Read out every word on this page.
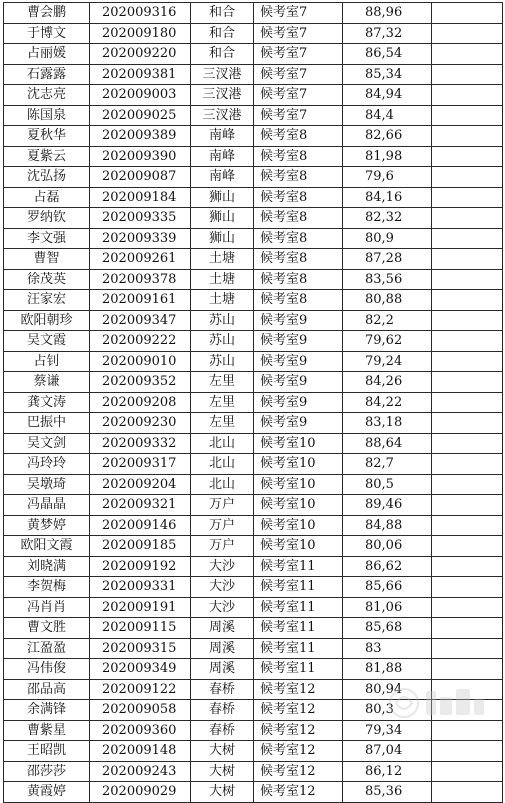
曹会鹏	202009316	和合	候考室7	88,96	
于博文	202009180	和合	候考室7	87,32	
占丽媛	202009220	和合	候考室7	86,54	
石露露	202009381	三汊港	候考室7	85,34	
沈志亮	202009003	三汊港	候考室7	84,94	
陈国泉	202009025	三汊港	候考室7	84,4	
夏秋华	202009389	南峰	候考室8	82,66	
夏紫云	202009390	南峰	候考室8	81,98	
沈弘扬	202009087	南峰	候考室8	79,6	
占磊	202009184	狮山	候考室8	84,16	
罗纳钦	202009335	狮山	候考室8	82,32	
李文强	202009339	狮山	候考室8	80,9	
曹智	202009261	土塘	候考室8	87,28	
徐茂英	202009378	土塘	候考室8	83,56	
汪家宏	202009161	土塘	候考室8	80,88	
欧阳朝珍	202009347	苏山	候考室9	82,2	
吴文霞	202009222	苏山	候考室9	79,62	
占钊	202009010	苏山	候考室9	79,24	
蔡谦	202009352	左里	候考室9	84,26	
龚文涛	202009208	左里	候考室9	84,22	
巴振中	202009230	左里	候考室9	83,18	
吴文剑	202009332	北山	候考室10	88,64	
冯玲玲	202009317	北山	候考室10	82,7	
吴墩琦	202009204	北山	候考室10	80,5	
冯晶晶	202009321	万户	候考室10	89,46	
黄梦婷	202009146	万户	候考室10	84,88	
欧阳文霞	202009185	万户	候考室10	80,06	
刘晓满	202009192	大沙	候考室11	86,62	
李贺梅	202009331	大沙	候考室11	85,66	
冯肖肖	202009191	大沙	候考室11	81,06	
曹文胜	202009115	周溪	候考室11	85,68	
江盈盈	202009315	周溪	候考室11	83	
冯伟俊	202009349	周溪	候考室11	81,88	
邵品高	202009122	春桥	候考室12	80,94	
余满锋	202009058	春桥	候考室12	80,3	
曹紫星	202009360	春桥	候考室12	79,34	
王昭凯	202009148	大树	候考室12	87,04	
邵莎莎	202009243	大树	候考室12	86,12	
黄霞婷	202009029	大树	候考室12	85,36	
